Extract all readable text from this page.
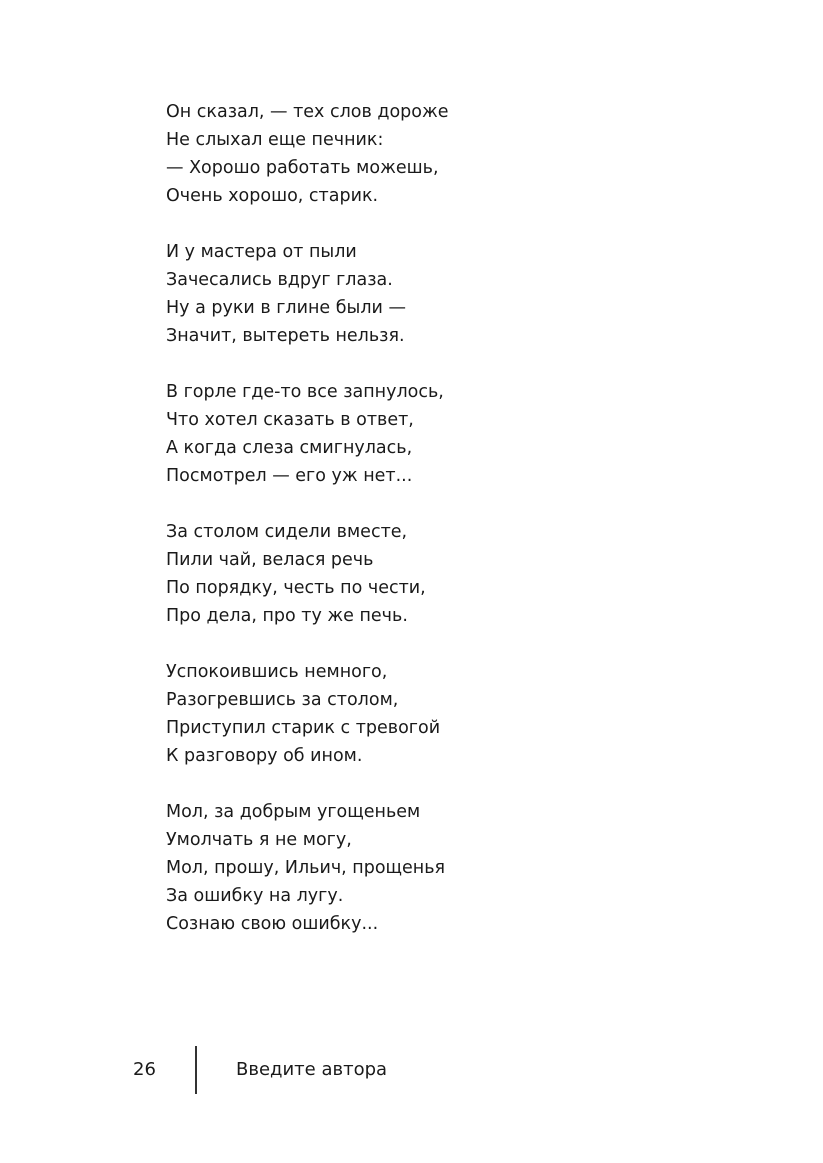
Он сказал, — тех слов дороже
Не слыхал еще печник:
— Хорошо работать можешь,
Очень хорошо, старик.
И у мастера от пыли
Зачесались вдруг глаза.
Ну а руки в глине были —
Значит, вытереть нельзя.
В горле где-то все запнулось,
Что хотел сказать в ответ,
А когда слеза смигнулась,
Посмотрел — его уж нет...
За столом сидели вместе,
Пили чай, велася речь
По порядку, честь по чести,
Про дела, про ту же печь.
Успокоившись немного,
Разогревшись за столом,
Приступил старик с тревогой
К разговору об ином.
Мол, за добрым угощеньем
Умолчать я не могу,
Мол, прошу, Ильич, прощенья
За ошибку на лугу.
Сознаю свою ошибку...
26	Введите автора
